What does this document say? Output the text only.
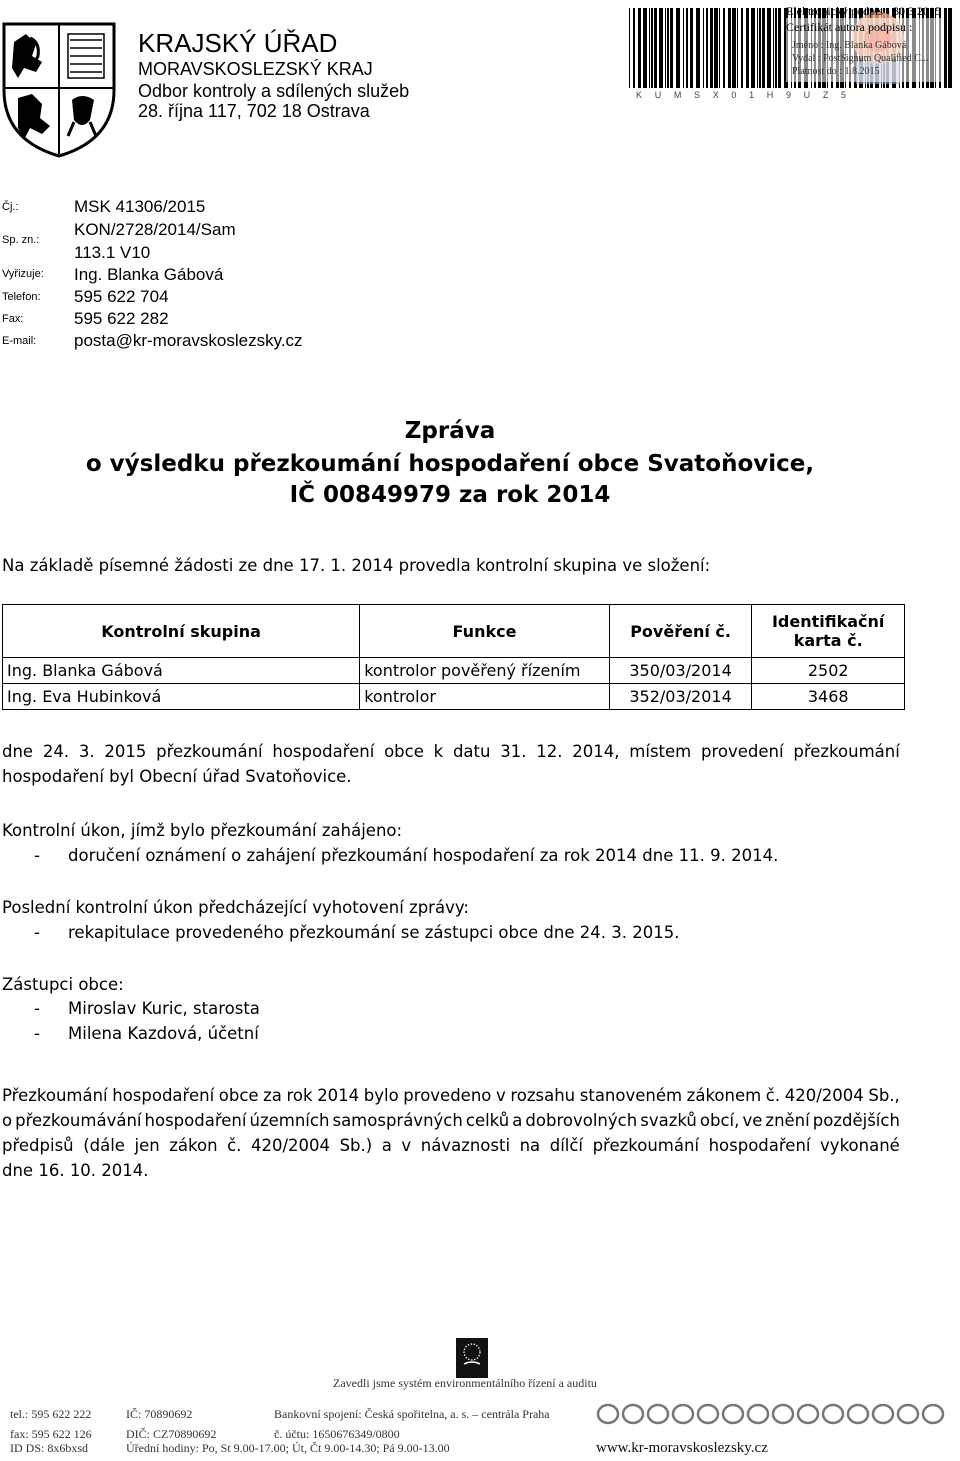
KRAJSKÝ ÚŘAD
MORAVSKOSLEZSKÝ KRAJ
Odbor kontroly a sdílených služeb
28. října 117, 702 18 Ostrava
K U M S X 0 1 H 9 U Z 5
Elektronický podpis - 30.3.2015
Certifikát autora podpisu :
Jméno : Ing. Blanka Gábová
Vydal : PostSignum Qualified C...
Platnost do : 1.8.2015
Čj.:	MSK 41306/2015
Sp. zn.:
KON/2728/2014/Sam
113.1 V10
Vyřizuje: Ing. Blanka Gábová
Telefon: 595 622 704
Fax:	595 622 282
E-mail: posta@kr-moravskoslezsky.cz
Zpráva
o výsledku přezkoumání hospodaření obce Svatoňovice,
IČ 00849979 za rok 2014
Na základě písemné žádosti ze dne 17. 1. 2014 provedla kontrolní skupina ve složení:
Kontrolní skupina	Funkce	Pověření č.	Identifikační karta č.
Ing. Blanka Gábová	kontrolor pověřený řízením	350/03/2014	2502
Ing. Eva Hubinková	kontrolor	352/03/2014	3468
dne 24. 3. 2015 přezkoumání hospodaření obce k datu 31. 12. 2014, místem provedení přezkoumání
hospodaření byl Obecní úřad Svatoňovice.
Kontrolní úkon, jímž bylo přezkoumání zahájeno:
- doručení oznámení o zahájení přezkoumání hospodaření za rok 2014 dne 11. 9. 2014.
Poslední kontrolní úkon předcházející vyhotovení zprávy:
- rekapitulace provedeného přezkoumání se zástupci obce dne 24. 3. 2015.
Zástupci obce:
- Miroslav Kuric, starosta
- Milena Kazdová, účetní
Přezkoumání hospodaření obce za rok 2014 bylo provedeno v rozsahu stanoveném zákonem č. 420/2004 Sb.,
o přezkoumávání hospodaření územních samosprávných celků a dobrovolných svazků obcí, ve znění pozdějších
předpisů (dále jen zákon č. 420/2004 Sb.) a v návaznosti na dílčí přezkoumání hospodaření vykonané
dne 16. 10. 2014.
Zavedli jsme systém environmentálního řízení a auditu
tel.: 595 622 222	IČ: 70890692	Bankovní spojení: Česká spořitelna, a. s. – centrála Praha
fax: 595 622 126	DIČ: CZ70890692	č. účtu: 1650676349/0800
ID DS: 8x6bxsd	Úřední hodiny: Po, St 9.00-17.00; Út, Čt 9.00-14.30; Pá 9.00-13.00	www.kr-moravskoslezsky.cz
